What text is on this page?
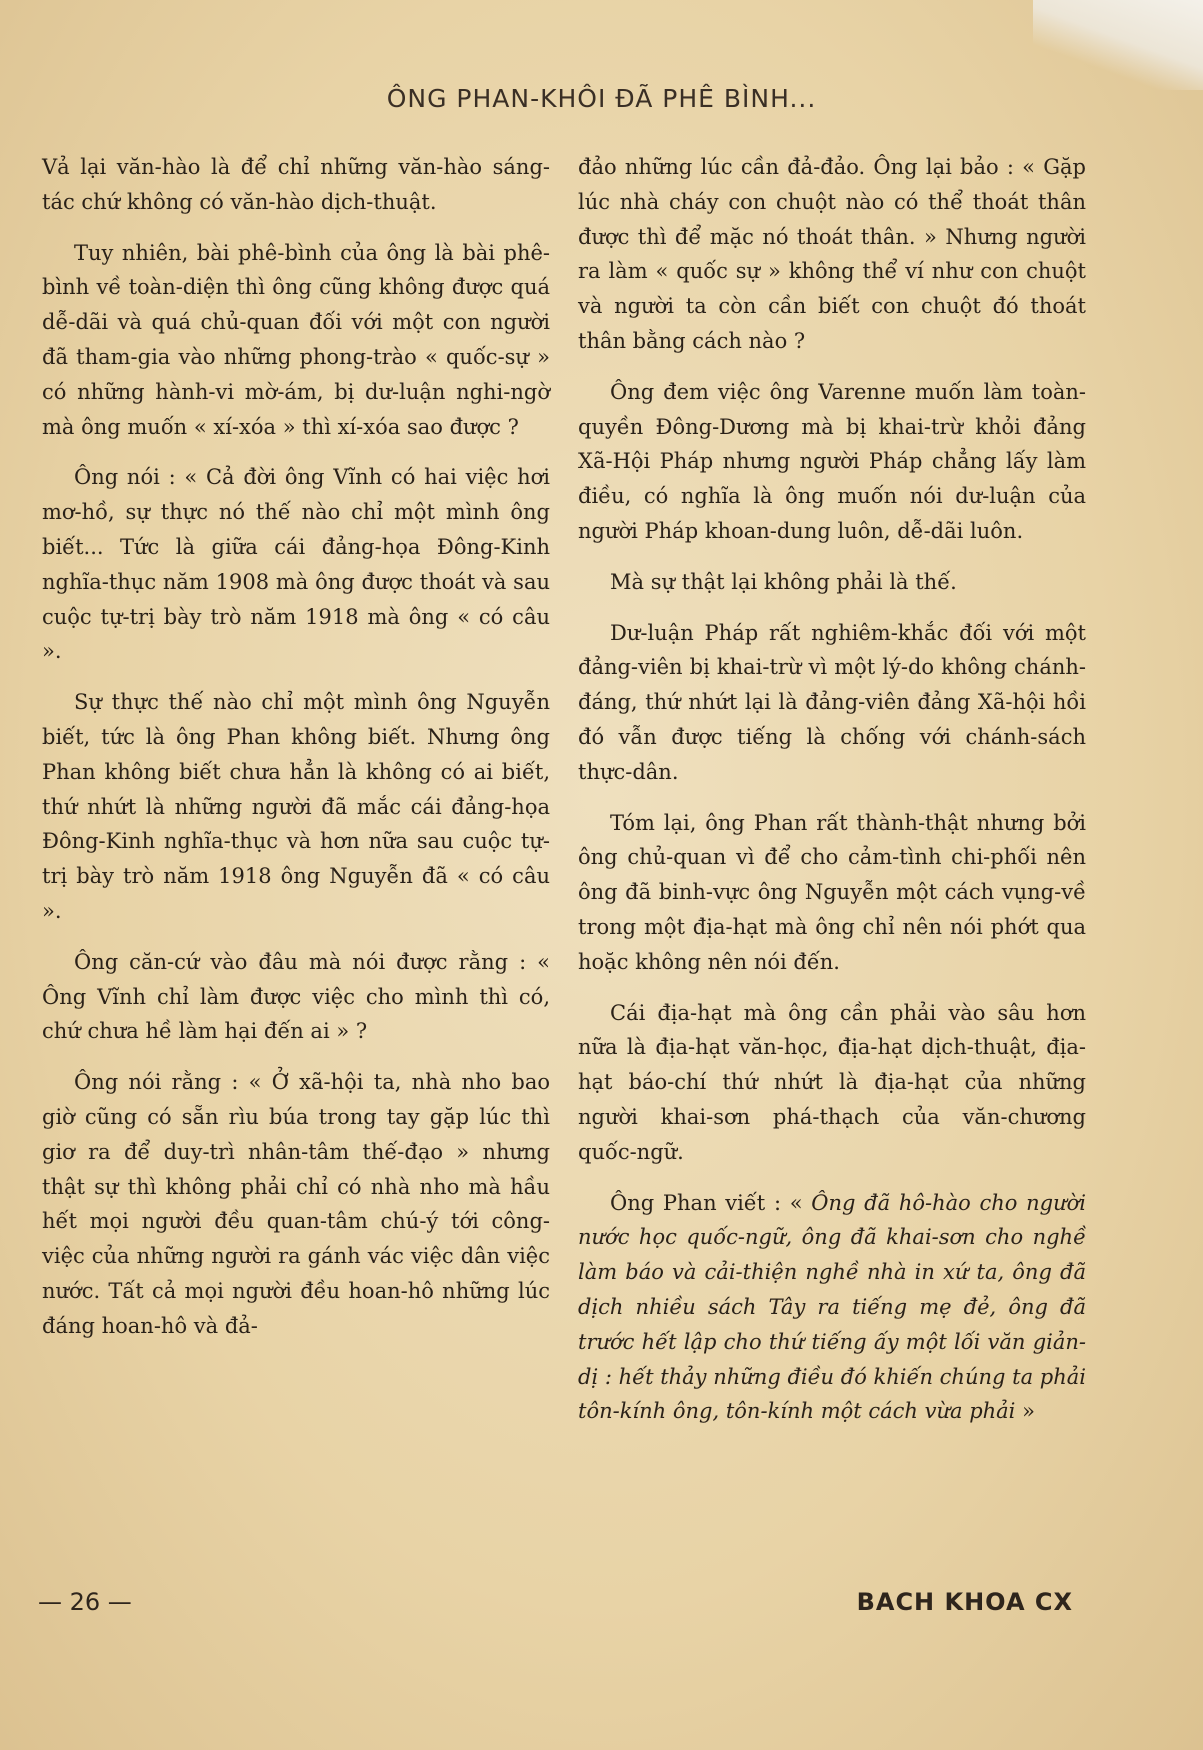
ÔNG PHAN-KHÔI ĐÃ PHÊ BÌNH...

Vả lại văn-hào là để chỉ những văn-hào sáng-tác chứ không có văn-hào dịch-thuật.

Tuy nhiên, bài phê-bình của ông là bài phê-bình về toàn-diện thì ông cũng không được quá dễ-dãi và quá chủ-quan đối với một con người đã tham-gia vào những phong-trào « quốc-sự » có những hành-vi mờ-ám, bị dư-luận nghi-ngờ mà ông muốn « xí-xóa » thì xí-xóa sao được ?

Ông nói : « Cả đời ông Vĩnh có hai việc hơi mơ-hồ, sự thực nó thế nào chỉ một mình ông biết... Tức là giữa cái đảng-họa Đông-Kinh nghĩa-thục năm 1908 mà ông được thoát và sau cuộc tự-trị bày trò năm 1918 mà ông « có câu ».

Sự thực thế nào chỉ một mình ông Nguyễn biết, tức là ông Phan không biết. Nhưng ông Phan không biết chưa hẳn là không có ai biết, thứ nhứt là những người đã mắc cái đảng-họa Đông-Kinh nghĩa-thục và hơn nữa sau cuộc tự-trị bày trò năm 1918 ông Nguyễn đã « có câu ».

Ông căn-cứ vào đâu mà nói được rằng : « Ông Vĩnh chỉ làm được việc cho mình thì có, chứ chưa hề làm hại đến ai » ?

Ông nói rằng : « Ở xã-hội ta, nhà nho bao giờ cũng có sẵn rìu búa trong tay gặp lúc thì giơ ra để duy-trì nhân-tâm thế-đạo » nhưng thật sự thì không phải chỉ có nhà nho mà hầu hết mọi người đều quan-tâm chú-ý tới công-việc của những người ra gánh vác việc dân việc nước. Tất cả mọi người đều hoan-hô những lúc đáng hoan-hô và đả-

đảo những lúc cần đả-đảo. Ông lại bảo : « Gặp lúc nhà cháy con chuột nào có thể thoát thân được thì để mặc nó thoát thân. » Nhưng người ra làm « quốc sự » không thể ví như con chuột và người ta còn cần biết con chuột đó thoát thân bằng cách nào ?

Ông đem việc ông Varenne muốn làm toàn-quyền Đông-Dương mà bị khai-trừ khỏi đảng Xã-Hội Pháp nhưng người Pháp chẳng lấy làm điều, có nghĩa là ông muốn nói dư-luận của người Pháp khoan-dung luôn, dễ-dãi luôn.

Mà sự thật lại không phải là thế.

Dư-luận Pháp rất nghiêm-khắc đối với một đảng-viên bị khai-trừ vì một lý-do không chánh-đáng, thứ nhứt lại là đảng-viên đảng Xã-hội hồi đó vẫn được tiếng là chống với chánh-sách thực-dân.

Tóm lại, ông Phan rất thành-thật nhưng bởi ông chủ-quan vì để cho cảm-tình chi-phối nên ông đã binh-vực ông Nguyễn một cách vụng-về trong một địa-hạt mà ông chỉ nên nói phớt qua hoặc không nên nói đến.

Cái địa-hạt mà ông cần phải vào sâu hơn nữa là địa-hạt văn-học, địa-hạt dịch-thuật, địa-hạt báo-chí thứ nhứt là địa-hạt của những người khai-sơn phá-thạch của văn-chương quốc-ngữ.

Ông Phan viết : « Ông đã hô-hào cho người nước học quốc-ngữ, ông đã khai-sơn cho nghề làm báo và cải-thiện nghề nhà in xứ ta, ông đã dịch nhiều sách Tây ra tiếng mẹ đẻ, ông đã trước hết lập cho thứ tiếng ấy một lối văn giản-dị : hết thảy những điều đó khiến chúng ta phải tôn-kính ông, tôn-kính một cách vừa phải »

— 26 —	BACH KHOA CX
